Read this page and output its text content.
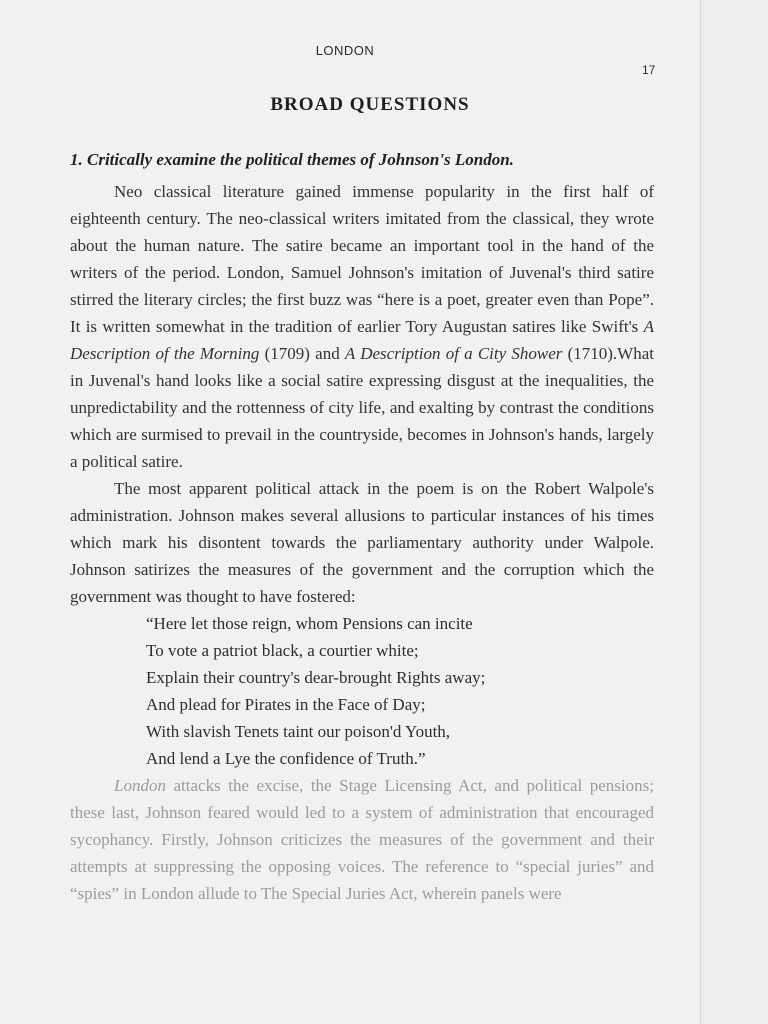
LONDON
17
BROAD QUESTIONS
1. Critically examine the political themes of Johnson's London.

Neo classical literature gained immense popularity in the first half of eighteenth century. The neo-classical writers imitated from the classical, they wrote about the human nature. The satire became an important tool in the hand of the writers of the period. London, Samuel Johnson's imitation of Juvenal's third satire stirred the literary circles; the first buzz was “here is a poet, greater even than Pope”. It is written somewhat in the tradition of earlier Tory Augustan satires like Swift's A Description of the Morning (1709) and A Description of a City Shower (1710).What in Juvenal's hand looks like a social satire expressing disgust at the inequalities, the unpredictability and the rottenness of city life, and exalting by contrast the conditions which are surmised to prevail in the countryside, becomes in Johnson's hands, largely a political satire.

The most apparent political attack in the poem is on the Robert Walpole's administration. Johnson makes several allusions to particular instances of his times which mark his disontent towards the parliamentary authority under Walpole. Johnson satirizes the measures of the government and the corruption which the government was thought to have fostered:

“Here let those reign, whom Pensions can incite
To vote a patriot black, a courtier white;
Explain their country's dear-brought Rights away;
And plead for Pirates in the Face of Day;
With slavish Tenets taint our poison'd Youth,
And lend a Lye the confidence of Truth.”

London attacks the excise, the Stage Licensing Act, and political pensions; these last, Johnson feared would led to a system of administration that encouraged sycophancy. Firstly, Johnson criticizes the measures of the government and their attempts at suppressing the opposing voices. The reference to “special juries” and “spies” in London allude to The Special Juries Act, wherein panels were
